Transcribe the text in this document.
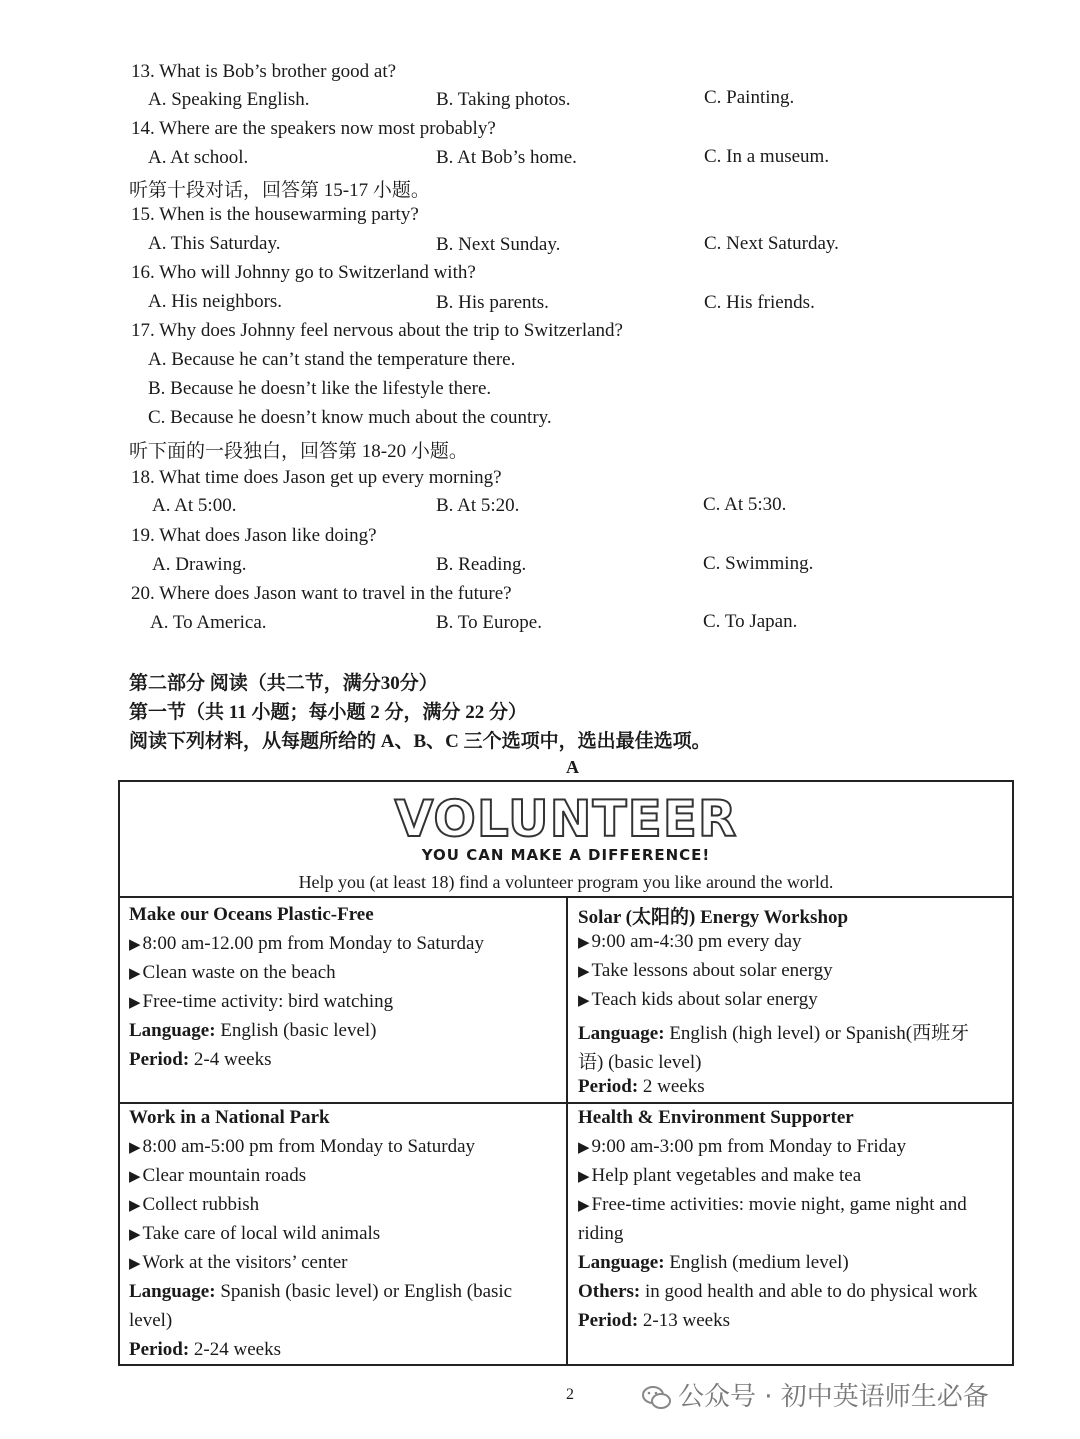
13. What is Bob’s brother good at?
A. Speaking English.	B. Taking photos.	C. Painting.
14. Where are the speakers now most probably?
A. At school.	B. At Bob’s home.	C. In a museum.
听第十段对话，回答第 15-17 小题。
15. When is the housewarming party?
A. This Saturday.	B. Next Sunday.	C. Next Saturday.
16. Who will Johnny go to Switzerland with?
A. His neighbors.	B. His parents.	C. His friends.
17. Why does Johnny feel nervous about the trip to Switzerland?
A. Because he can’t stand the temperature there.
B. Because he doesn’t like the lifestyle there.
C. Because he doesn’t know much about the country.
听下面的一段独白，回答第 18-20 小题。
18. What time does Jason get up every morning?
A. At 5:00.	B. At 5:20.	C. At 5:30.
19. What does Jason like doing?
A. Drawing.	B. Reading.	C. Swimming.
20. Where does Jason want to travel in the future?
A. To America.	B. To Europe.	C. To Japan.
第二部分 阅读（共二节，满分30分）
第一节（共 11 小题；每小题 2 分，满分 22 分）
阅读下列材料，从每题所给的 A、B、C 三个选项中，选出最佳选项。
A
VOLUNTEER
YOU CAN MAKE A DIFFERENCE!
Help you (at least 18) find a volunteer program you like around the world.
Make our Oceans Plastic-Free
▶ 8:00 am-12.00 pm from Monday to Saturday
▶ Clean waste on the beach
▶ Free-time activity: bird watching
Language: English (basic level)
Period: 2-4 weeks
Solar (太阳的) Energy Workshop
▶ 9:00 am-4:30 pm every day
▶ Take lessons about solar energy
▶ Teach kids about solar energy
Language: English (high level) or Spanish(西班牙
语) (basic level)
Period: 2 weeks
Work in a National Park
▶ 8:00 am-5:00 pm from Monday to Saturday
▶ Clear mountain roads
▶ Collect rubbish
▶ Take care of local wild animals
▶ Work at the visitors’ center
Language: Spanish (basic level) or English (basic
level)
Period: 2-24 weeks
Health & Environment Supporter
▶ 9:00 am-3:00 pm from Monday to Friday
▶ Help plant vegetables and make tea
▶ Free-time activities: movie night, game night and
riding
Language: English (medium level)
Others: in good health and able to do physical work
Period: 2-13 weeks
2	公众号 · 初中英语师生必备
